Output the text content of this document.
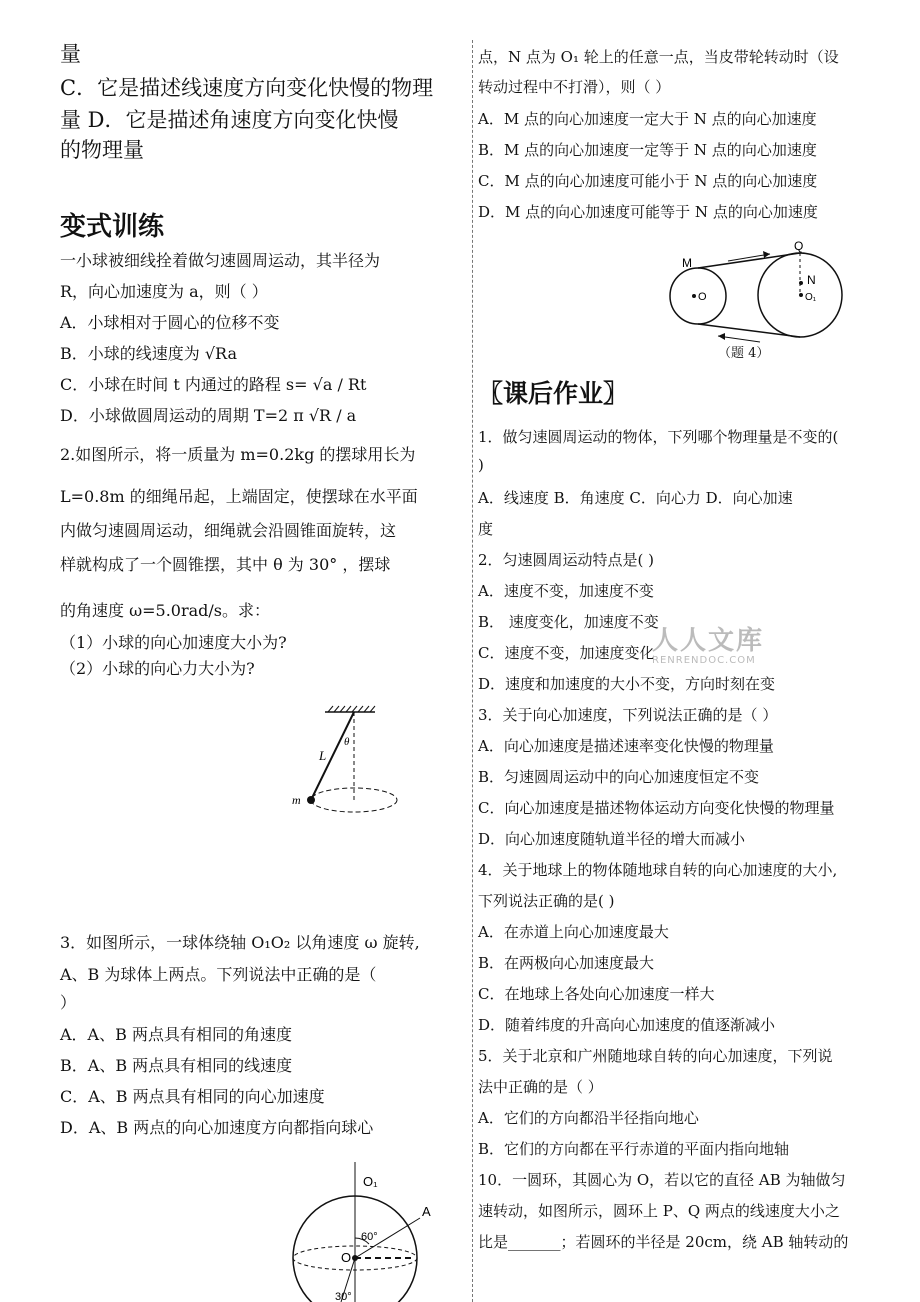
量
C．它是描述线速度方向变化快慢的物理
量 D．它是描述角速度方向变化快慢
的物理量
变式训练
一小球被细线拴着做匀速圆周运动，其半径为
R，向心加速度为 a，则（ ）
A．小球相对于圆心的位移不变
B．小球的线速度为 √Ra
C．小球在时间 t 内通过的路程 s= √a / Rt
D．小球做圆周运动的周期 T=2 π √R / a
2.如图所示，将一质量为 m=0.2kg 的摆球用长为
L=0.8m 的细绳吊起，上端固定，使摆球在水平面
内做匀速圆周运动，细绳就会沿圆锥面旋转，这
样就构成了一个圆锥摆，其中 θ 为 30° ，摆球
的角速度 ω=5.0rad/s。求：
（1）小球的向心加速度大小为?
（2）小球的向心力大小为?
3．如图所示，一球体绕轴 O₁O₂ 以角速度 ω 旋转,
A、B 为球体上两点。下列说法中正确的是（
）
A．A、B 两点具有相同的角速度
B．A、B 两点具有相同的线速度
C．A、B 两点具有相同的向心加速度
D．A、B 两点的向心加速度方向都指向球心
L
θ
m
O₁
O
A
60°
30°
点，N 点为 O₁ 轮上的任意一点，当皮带轮转动时（设
转动过程中不打滑），则（ ）
A．M 点的向心加速度一定大于 N 点的向心加速度
B．M 点的向心加速度一定等于 N 点的向心加速度
C．M 点的向心加速度可能小于 N 点的向心加速度
D．M 点的向心加速度可能等于 N 点的向心加速度
〖课后作业〗
1．做匀速圆周运动的物体，下列哪个物理量是不变的(
)
A．线速度 B．角速度 C．向心力 D．向心加速
度
2．匀速圆周运动特点是( )
A．速度不变，加速度不变
B． 速度变化，加速度不变
C．速度不变，加速度变化
D．速度和加速度的大小不变，方向时刻在变
3．关于向心加速度，下列说法正确的是（ ）
A．向心加速度是描述速率变化快慢的物理量
B．匀速圆周运动中的向心加速度恒定不变
C．向心加速度是描述物体运动方向变化快慢的物理量
D．向心加速度随轨道半径的增大而减小
4．关于地球上的物体随地球自转的向心加速度的大小,
下列说法正确的是( )
A．在赤道上向心加速度最大
B．在两极向心加速度最大
C．在地球上各处向心加速度一样大
D．随着纬度的升高向心加速度的值逐渐减小
5．关于北京和广州随地球自转的向心加速度，下列说
法中正确的是（ ）
A．它们的方向都沿半径指向地心
B．它们的方向都在平行赤道的平面内指向地轴
10．一圆环，其圆心为 O，若以它的直径 AB 为轴做匀
速转动，如图所示，圆环上 P、Q 两点的线速度大小之
比是_______；若圆环的半径是 20cm，绕 AB 轴转动的
M
Q
N
O	O₁
（题 4）
人人文库
RENRENDOC.COM
